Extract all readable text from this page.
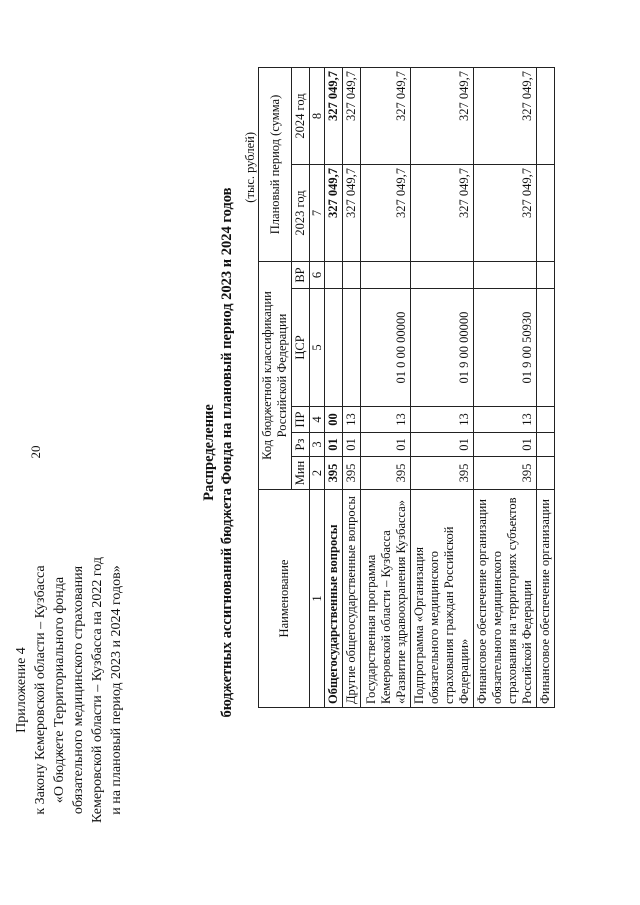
20
Приложение 4 к Закону Кемеровской области – Кузбасса «О бюджете Территориального фонда обязательного медицинского страхования Кемеровской области – Кузбасса на 2022 год и на плановый период 2023 и 2024 годов»
Распределение бюджетных ассигнований бюджета Фонда на плановый период 2023 и 2024 годов
(тыс. рублей)
Наименование	Код бюджетной классификации Российской Федерации					Плановый период (сумма)	
	Мин	Рз	ПР	ЦСР	ВР	2023 год	2024 год
1	2	3	4	5	6	7	8
Общегосударственные вопросы	395	01	00			327 049,7	327 049,7
Другие общегосударственные вопросы	395	01	13			327 049,7	327 049,7
Государственная программа Кемеровской области – Кузбасса «Развитие здравоохранения Кузбасса»	395	01	13	01 0 00 00000		327 049,7	327 049,7
Подпрограмма «Организация обязательного медицинского страхования граждан Российской Федерации»	395	01	13	01 9 00 00000		327 049,7	327 049,7
Финансовое обеспечение организации обязательного медицинского страхования на территориях субъектов Российской Федерации	395	01	13	01 9 00 50930		327 049,7	327 049,7
Финансовое обеспечение организации							
